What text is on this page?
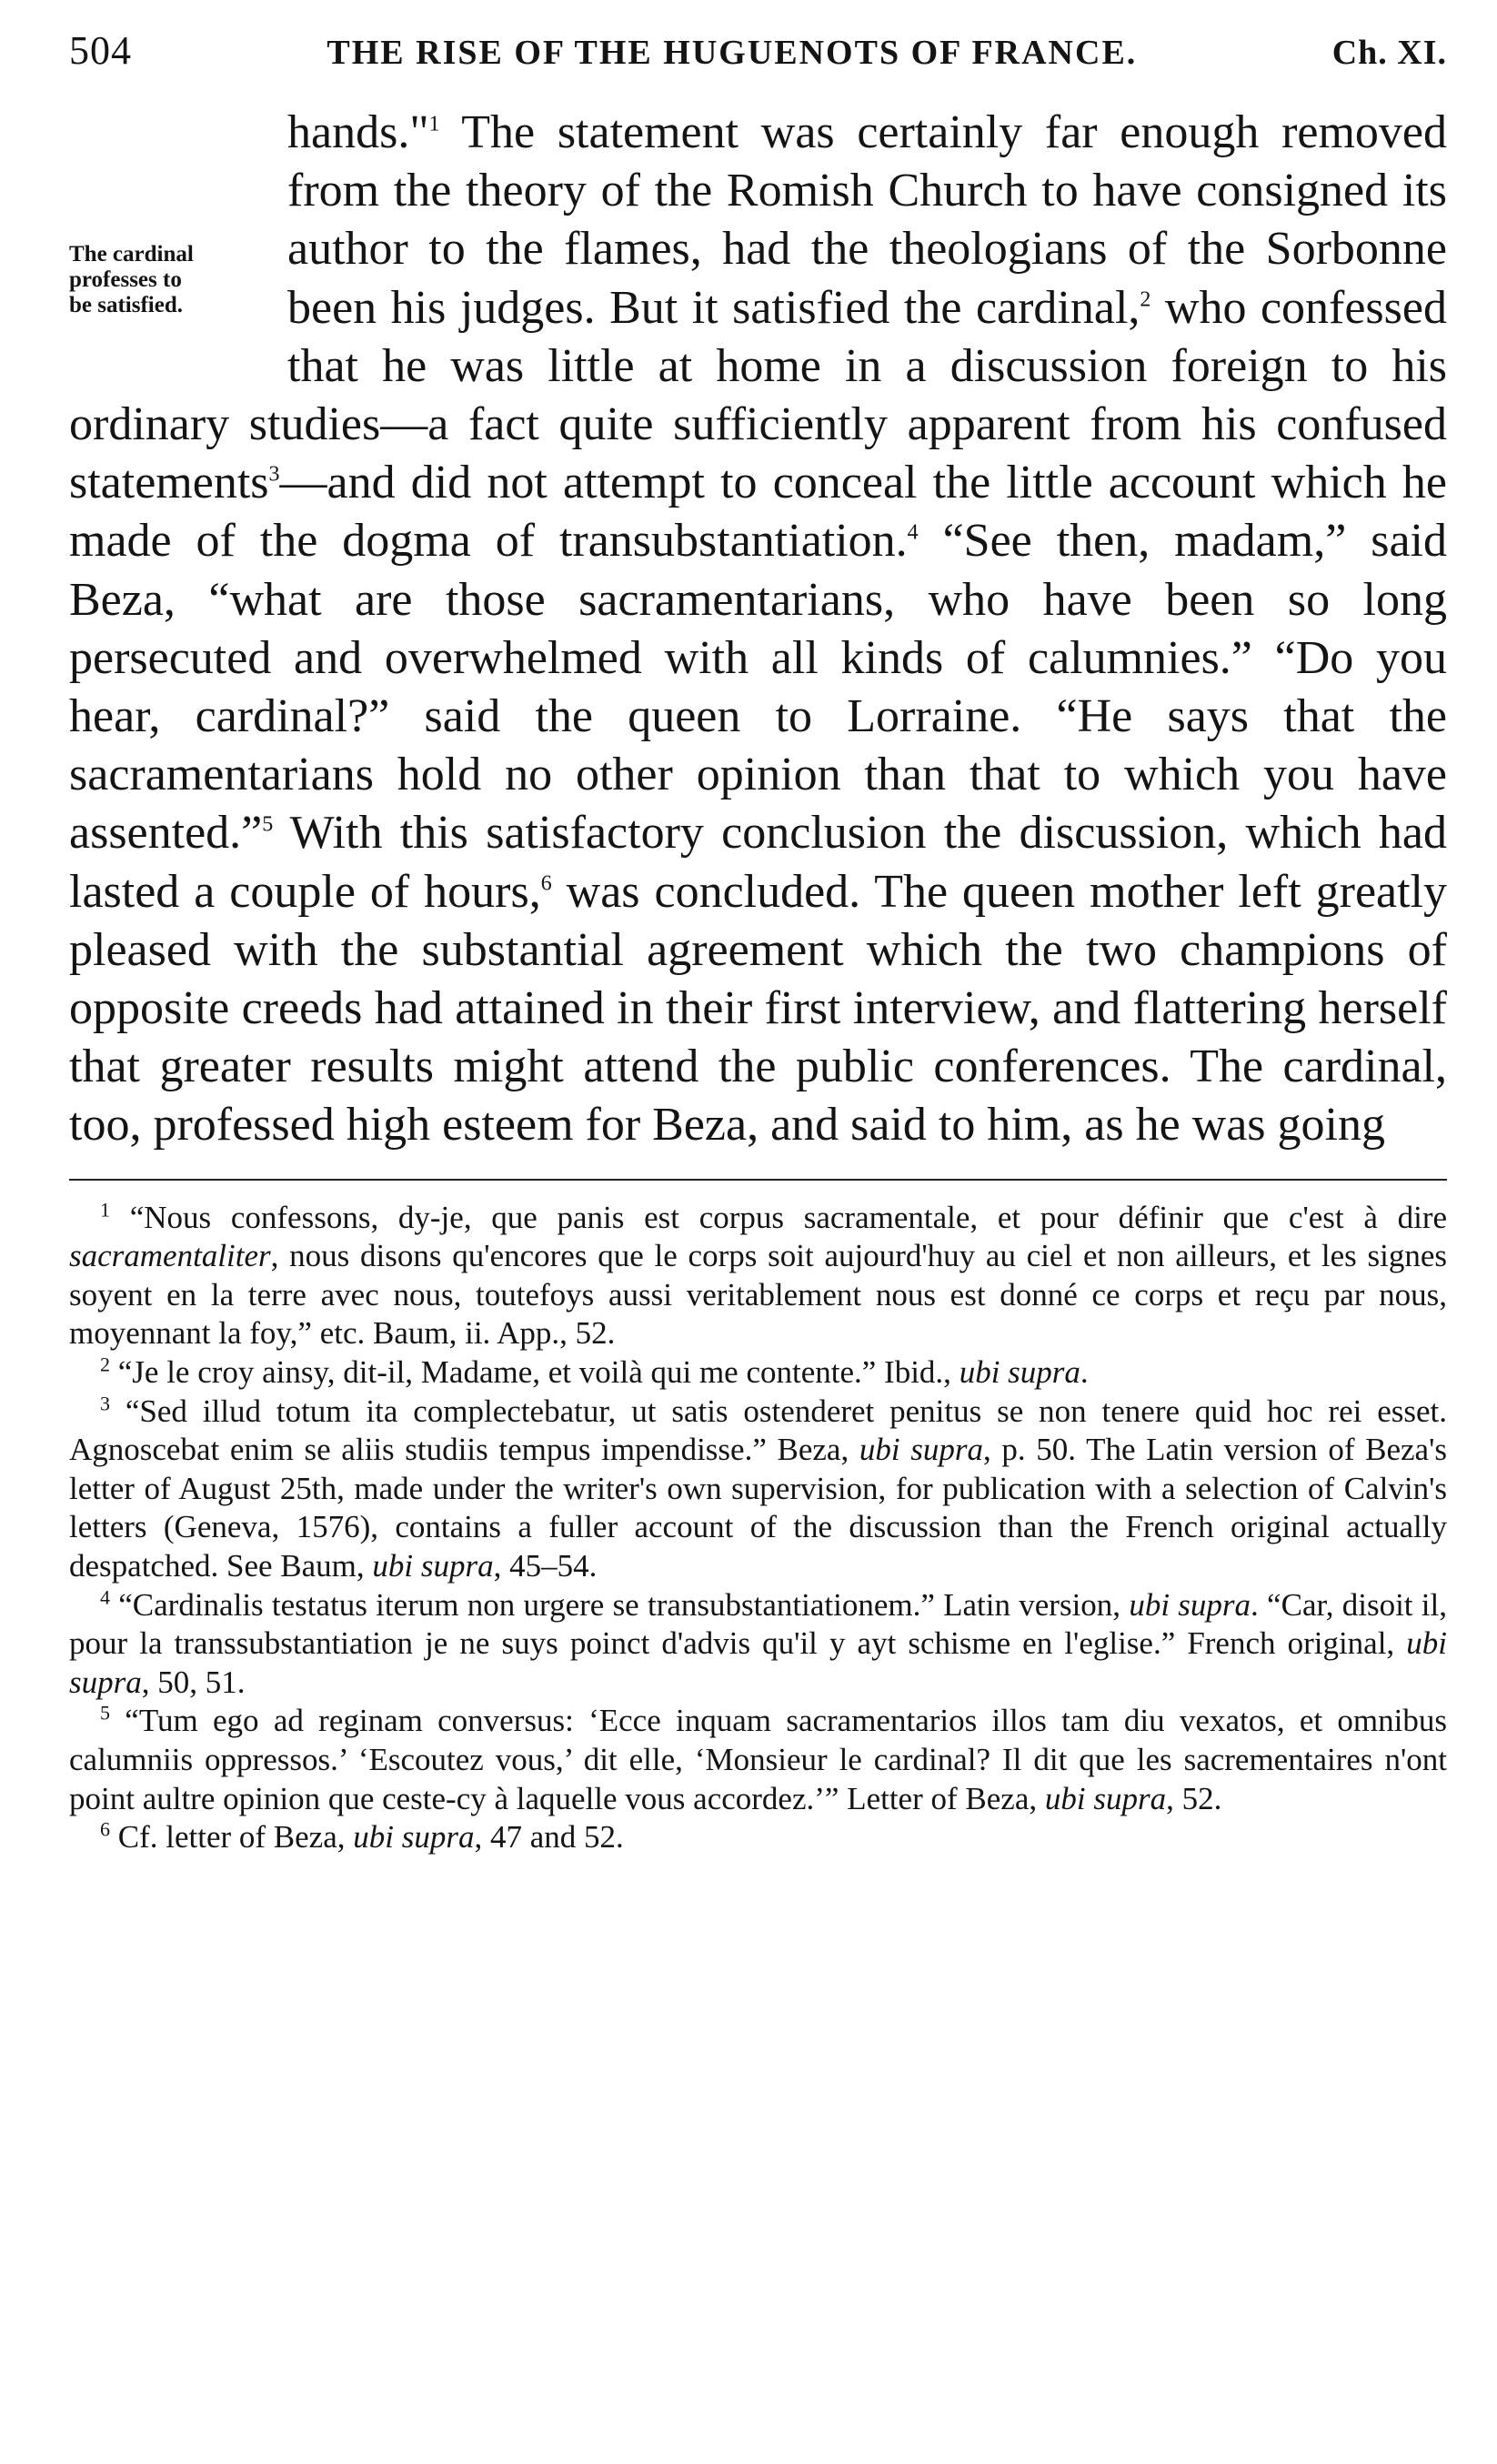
504	THE RISE OF THE HUGUENOTS OF FRANCE.	Ch. XI.
The cardinal
professes to
be satisfied.

hands."$^1$ The statement was certainly far enough removed from the theory of the Romish Church to have consigned its author to the flames, had the theologians of the Sorbonne been his judges. But it satisfied the cardinal,$^2$ who confessed that he was little at home in a discussion foreign to his ordinary studies—a fact quite sufficiently apparent from his confused statements$^3$—and did not attempt to conceal the little account which he made of the dogma of transubstantiation.$^4$ “See then, madam,” said Beza, “what are those sacramentarians, who have been so long persecuted and overwhelmed with all kinds of calumnies.” “Do you hear, cardinal?” said the queen to Lorraine. “He says that the sacramentarians hold no other opinion than that to which you have assented.”$^5$ With this satisfactory conclusion the discussion, which had lasted a couple of hours,$^6$ was concluded. The queen mother left greatly pleased with the substantial agreement which the two champions of opposite creeds had attained in their first interview, and flattering herself that greater results might attend the public conferences. The cardinal, too, professed high esteem for Beza, and said to him, as he was going

$^1$ “Nous confessons, dy-je, que panis est corpus sacramentale, et pour définir que c'est à dire sacramentaliter, nous disons qu'encores que le corps soit aujourd'huy au ciel et non ailleurs, et les signes soyent en la terre avec nous, toutefoys aussi veritablement nous est donné ce corps et reçu par nous, moyennant la foy,” etc. Baum, ii. App., 52.

$^2$ “Je le croy ainsy, dit-il, Madame, et voilà qui me contente.” Ibid., ubi supra.

$^3$ “Sed illud totum ita complectebatur, ut satis ostenderet penitus se non tenere quid hoc rei esset. Agnoscebat enim se aliis studiis tempus impendisse.” Beza, ubi supra, p. 50. The Latin version of Beza's letter of August 25th, made under the writer's own supervision, for publication with a selection of Calvin's letters (Geneva, 1576), contains a fuller account of the discussion than the French original actually despatched. See Baum, ubi supra, 45–54.

$^4$ “Cardinalis testatus iterum non urgere se transubstantiationem.” Latin version, ubi supra. “Car, disoit il, pour la transsubstantiation je ne suys poinct d'advis qu'il y ayt schisme en l'eglise.” French original, ubi supra, 50, 51.

$^5$ “Tum ego ad reginam conversus: ‘Ecce inquam sacramentarios illos tam diu vexatos, et omnibus calumniis oppressos.’ ‘Escoutez vous,’ dit elle, ‘Monsieur le cardinal? Il dit que les sacrementaires n'ont point aultre opinion que ceste-cy à laquelle vous accordez.’” Letter of Beza, ubi supra, 52.

$^6$ Cf. letter of Beza, ubi supra, 47 and 52.
